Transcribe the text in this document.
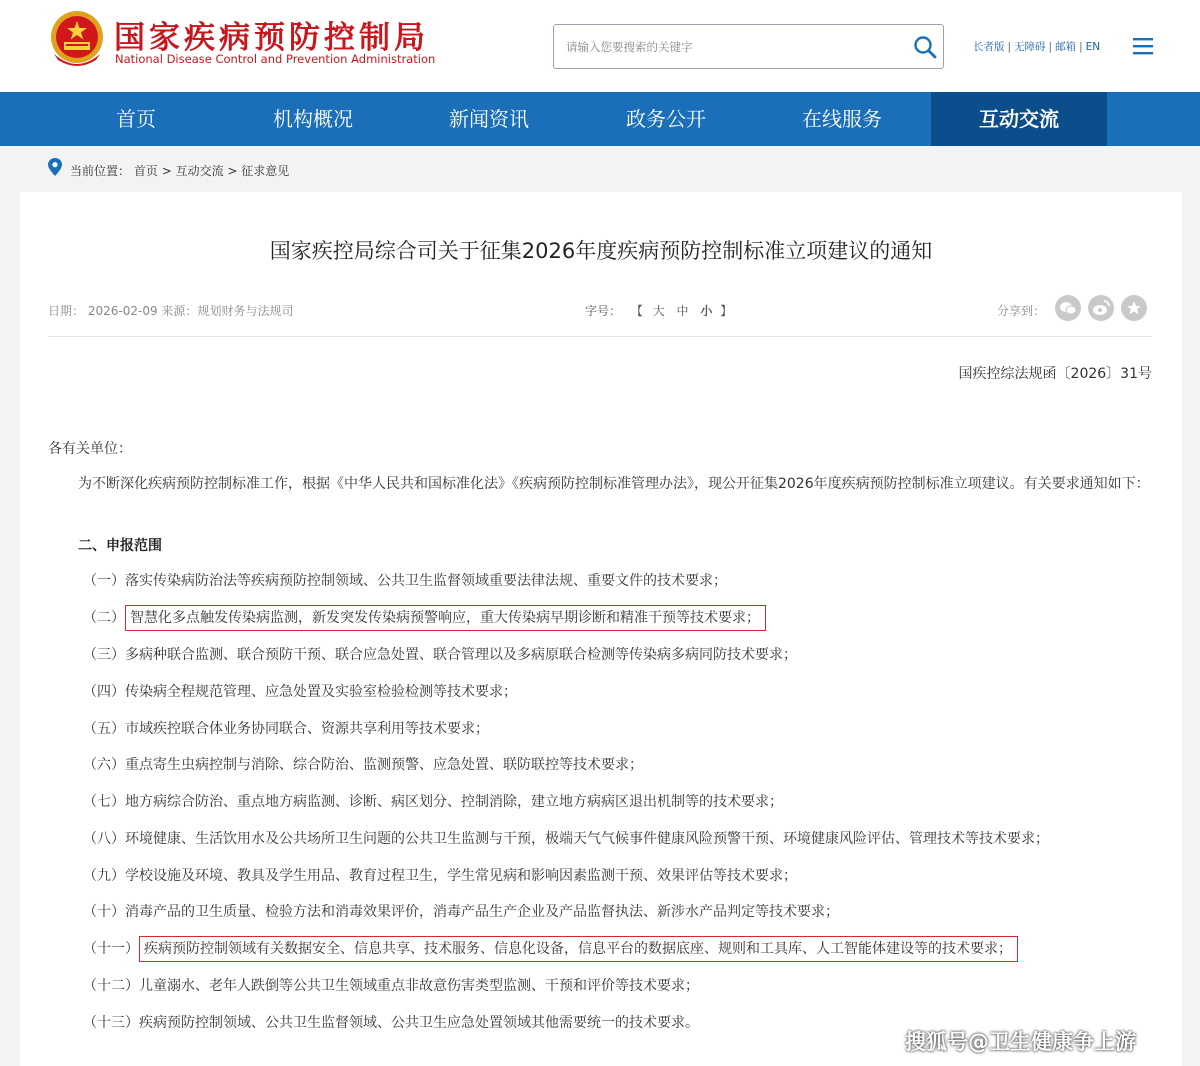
国家疾病预防控制局
National Disease Control and Prevention Administration
请输入您要搜索的关键字
长者版 | 无障碍 | 邮箱 | EN
首页	机构概况	新闻资讯	政务公开	在线服务	互动交流
当前位置： 首页 > 互动交流 > 征求意见
国家疾控局综合司关于征集2026年度疾病预防控制标准立项建议的通知
日期： 2026-02-09 来源：规划财务与法规司	字号： 【 大 中 小 】	分享到：
国疾控综法规函〔2026〕31号
各有关单位：
为不断深化疾病预防控制标准工作，根据《中华人民共和国标准化法》《疾病预防控制标准管理办法》，现公开征集2026年度疾病预防控制标准立项建议。有关要求通知如下：
二、申报范围
（一）落实传染病防治法等疾病预防控制领域、公共卫生监督领域重要法律法规、重要文件的技术要求；
（二） 智慧化多点触发传染病监测，新发突发传染病预警响应，重大传染病早期诊断和精准干预等技术要求；
（三）多病种联合监测、联合预防干预、联合应急处置、联合管理以及多病原联合检测等传染病多病同防技术要求；
（四）传染病全程规范管理、应急处置及实验室检验检测等技术要求；
（五）市域疾控联合体业务协同联合、资源共享利用等技术要求；
（六）重点寄生虫病控制与消除、综合防治、监测预警、应急处置、联防联控等技术要求；
（七）地方病综合防治、重点地方病监测、诊断、病区划分、控制消除，建立地方病病区退出机制等的技术要求；
（八）环境健康、生活饮用水及公共场所卫生问题的公共卫生监测与干预，极端天气气候事件健康风险预警干预、环境健康风险评估、管理技术等技术要求；
（九）学校设施及环境、教具及学生用品、教育过程卫生，学生常见病和影响因素监测干预、效果评估等技术要求；
（十）消毒产品的卫生质量、检验方法和消毒效果评价，消毒产品生产企业及产品监督执法、新涉水产品判定等技术要求；
（十一） 疾病预防控制领域有关数据安全、信息共享、技术服务、信息化设备，信息平台的数据底座、规则和工具库、人工智能体建设等的技术要求；
（十二）儿童溺水、老年人跌倒等公共卫生领域重点非故意伤害类型监测、干预和评价等技术要求；
（十三）疾病预防控制领域、公共卫生监督领域、公共卫生应急处置领域其他需要统一的技术要求。
搜狐号@卫生健康争上游
